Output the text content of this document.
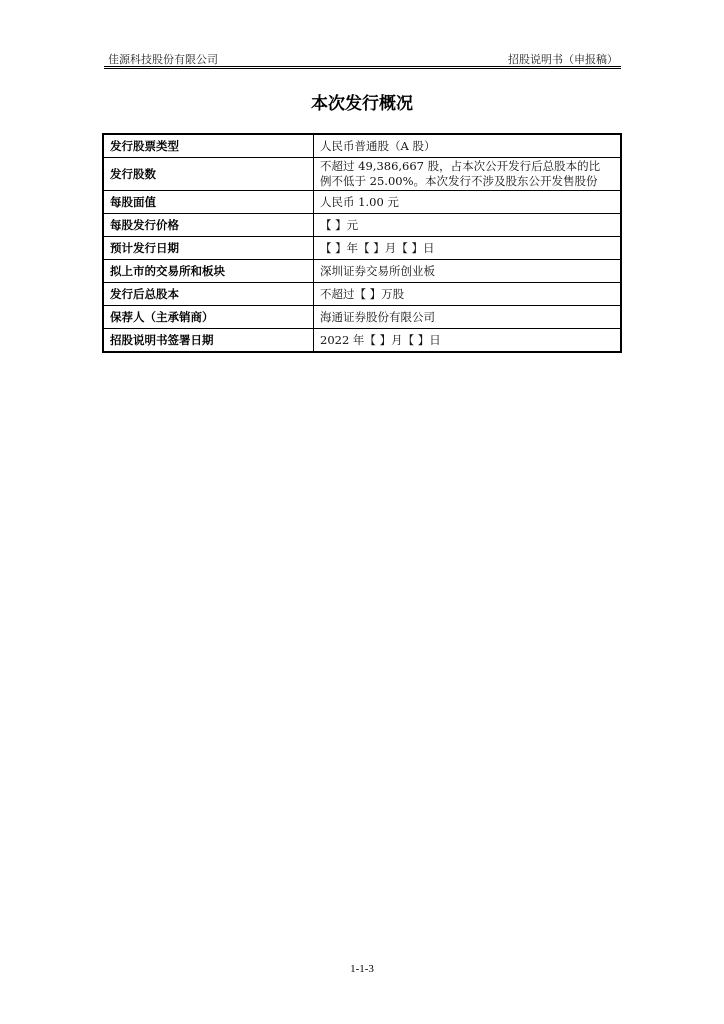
佳源科技股份有限公司	招股说明书（申报稿）
本次发行概况
发行股票类型	人民币普通股（A 股）
发行股数	不超过 49,386,667 股，占本次公开发行后总股本的比
例不低于 25.00%。本次发行不涉及股东公开发售股份

每股面值	人民币 1.00 元
每股发行价格	【 】元
预计发行日期	【 】年【 】月【 】日
拟上市的交易所和板块	深圳证券交易所创业板
发行后总股本	不超过【 】万股
保荐人（主承销商）	海通证券股份有限公司
招股说明书签署日期	2022 年【 】月【 】日
1-1-3
